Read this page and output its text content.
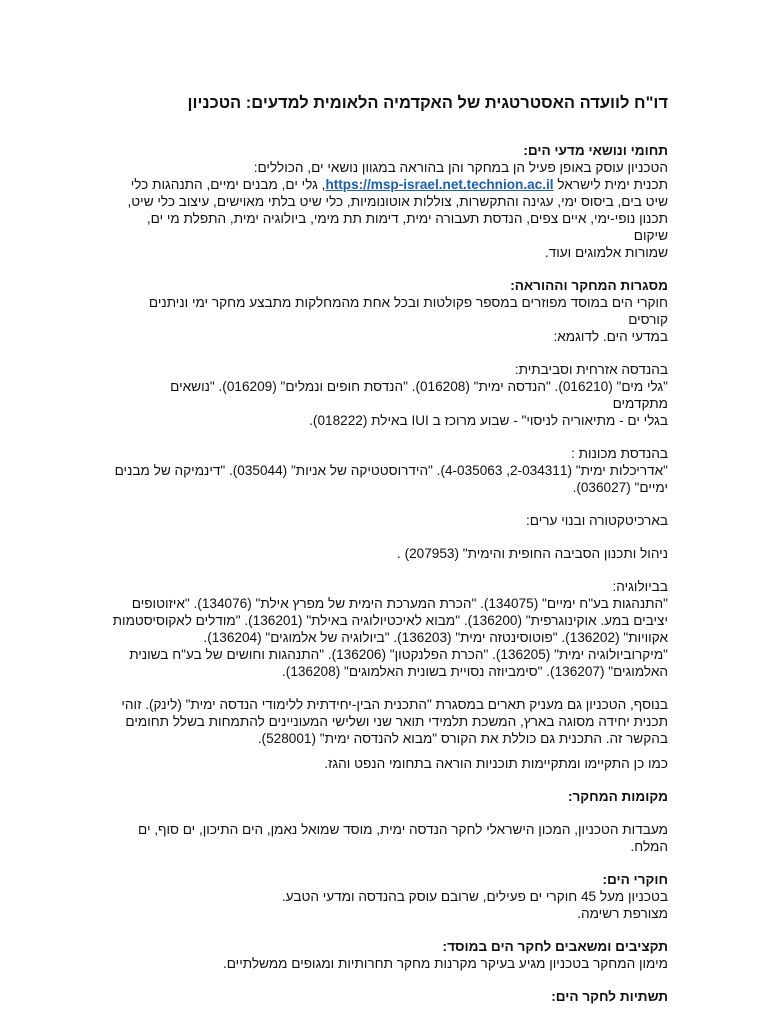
דו"ח לוועדה האסטרטגית של האקדמיה הלאומית למדעים: הטכניון
תחומי ונושאי מדעי הים:

הטכניון עוסק באופן פעיל הן במחקר והן בהוראה במגוון נושאי ים, הכוללים:

תכנית ימית לישראל https://msp-israel.net.technion.ac.il, גלי ים, מבנים ימיים, התנהגות כלי

שיט בים, ביסוס ימי, עגינה והתקשרות, צוללות אוטונומיות, כלי שיט בלתי מאוישים, עיצוב כלי שיט,

תכנון נופי-ימי, איים צפים, הנדסת תעבורה ימית, דימות תת מימי, ביולוגיה ימית, התפלת מי ים, שיקום

שמורות אלמוגים ועוד.

מסגרות המחקר וההוראה:

חוקרי הים במוסד מפוזרים במספר פקולטות ובכל אחת מהמחלקות מתבצע מחקר ימי וניתנים קורסים

במדעי הים. לדוגמא:

בהנדסה אזרחית וסביבתית:

"גלי מים" (016210). "הנדסה ימית" (016208). "הנדסת חופים ונמלים" (016209). "נושאים מתקדמים

בגלי ים - מתיאוריה לניסוי" - שבוע מרוכז ב IUI באילת (018222).

בהנדסת מכונות :

"אדריכלות ימית" (2-034311, 4-035063). "הידרוסטטיקה של אניות" (035044). "דינמיקה של מבנים

ימיים" (036027).

בארכיטקטורה ובנוי ערים:

ניהול ותכנון הסביבה החופית והימית" (207953) .

בביולוגיה:

"התנהגות בע"ח ימיים" (134075). "הכרת המערכת הימית של מפרץ אילת" (134076). "איזוטופים

יציבים במע. אוקינוגרפית" (136200). "מבוא לאיכטיולוגיה באילת" (136201). "מודלים לאקוסיסטמות

אקוויות" (136202). "פוטוסינטזה ימית" (136203). "ביולוגיה של אלמוגים" (136204).

"מיקרוביולוגיה ימית" (136205). "הכרת הפלנקטון" (136206). "התנהגות וחושים של בע"ח בשונית

האלמוגים" (136207). "סימביוזה נסויית בשונית האלמוגים" (136208).

בנוסף, הטכניון גם מעניק תארים במסגרת "התכנית הבין-יחידתית ללימודי הנדסה ימית" (לינק). זוהי

תכנית יחידה מסוגה בארץ, המשכת תלמידי תואר שני ושלישי המעוניינים להתמחות בשלל תחומים

בהקשר זה. התכנית גם כוללת את הקורס "מבוא להנדסה ימית" (528001).

כמו כן התקיימו ומתקיימות תוכניות הוראה בתחומי הנפט והגז.

מקומות המחקר:

מעבדות הטכניון, המכון הישראלי לחקר הנדסה ימית, מוסד שמואל נאמן, הים התיכון, ים סוף, ים המלח.

חוקרי הים:

בטכניון מעל 45 חוקרי ים פעילים, שרובם עוסק בהנדסה ומדעי הטבע.

מצורפת רשימה.

תקציבים ומשאבים לחקר הים במוסד:

מימון המחקר בטכניון מגיע בעיקר מקרנות מחקר תחרותיות ומגופים ממשלתיים.

תשתיות לחקר הים:
